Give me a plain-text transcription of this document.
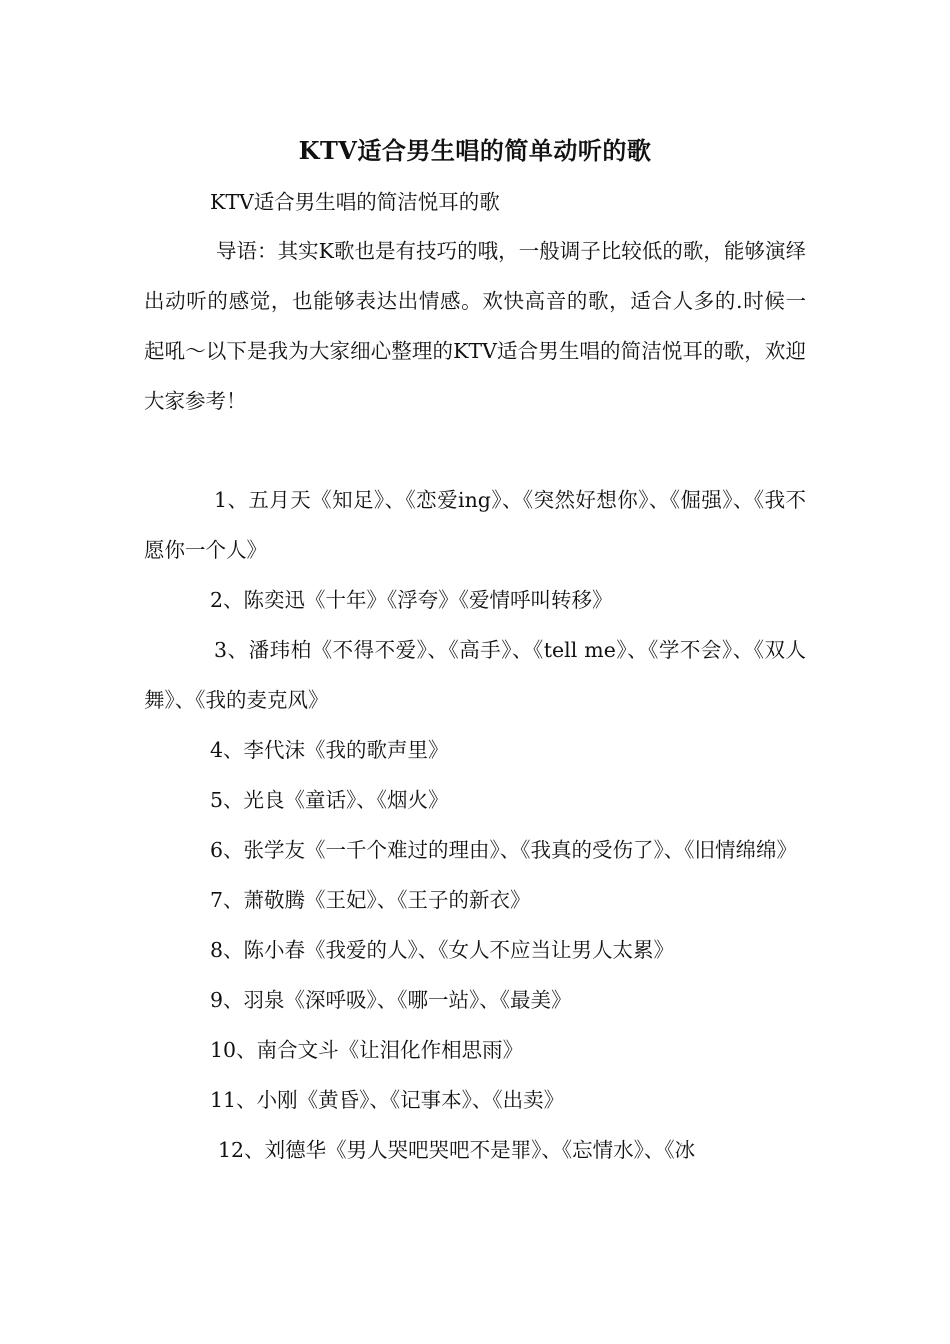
KTV适合男生唱的简单动听的歌

KTV适合男生唱的简洁悦耳的歌

导语：其实K歌也是有技巧的哦，一般调子比较低的歌，能够演绎出动听的感觉，也能够表达出情感。欢快高音的歌，适合人多的.时候一起吼～以下是我为大家细心整理的KTV适合男生唱的简洁悦耳的歌，欢迎大家参考！

1、五月天《知足》、《恋爱ing》、《突然好想你》、《倔强》、《我不愿你一个人》
2、陈奕迅《十年》《浮夸》《爱情呼叫转移》
3、潘玮柏《不得不爱》、《高手》、《tell me》、《学不会》、《双人舞》、《我的麦克风》
4、李代沫《我的歌声里》
5、光良《童话》、《烟火》
6、张学友《一千个难过的理由》、《我真的受伤了》、《旧情绵绵》
7、萧敬腾《王妃》、《王子的新衣》
8、陈小春《我爱的人》、《女人不应当让男人太累》
9、羽泉《深呼吸》、《哪一站》、《最美》
10、南合文斗《让泪化作相思雨》
11、小刚《黄昏》、《记事本》、《出卖》
12、刘德华《男人哭吧哭吧不是罪》、《忘情水》、《冰
